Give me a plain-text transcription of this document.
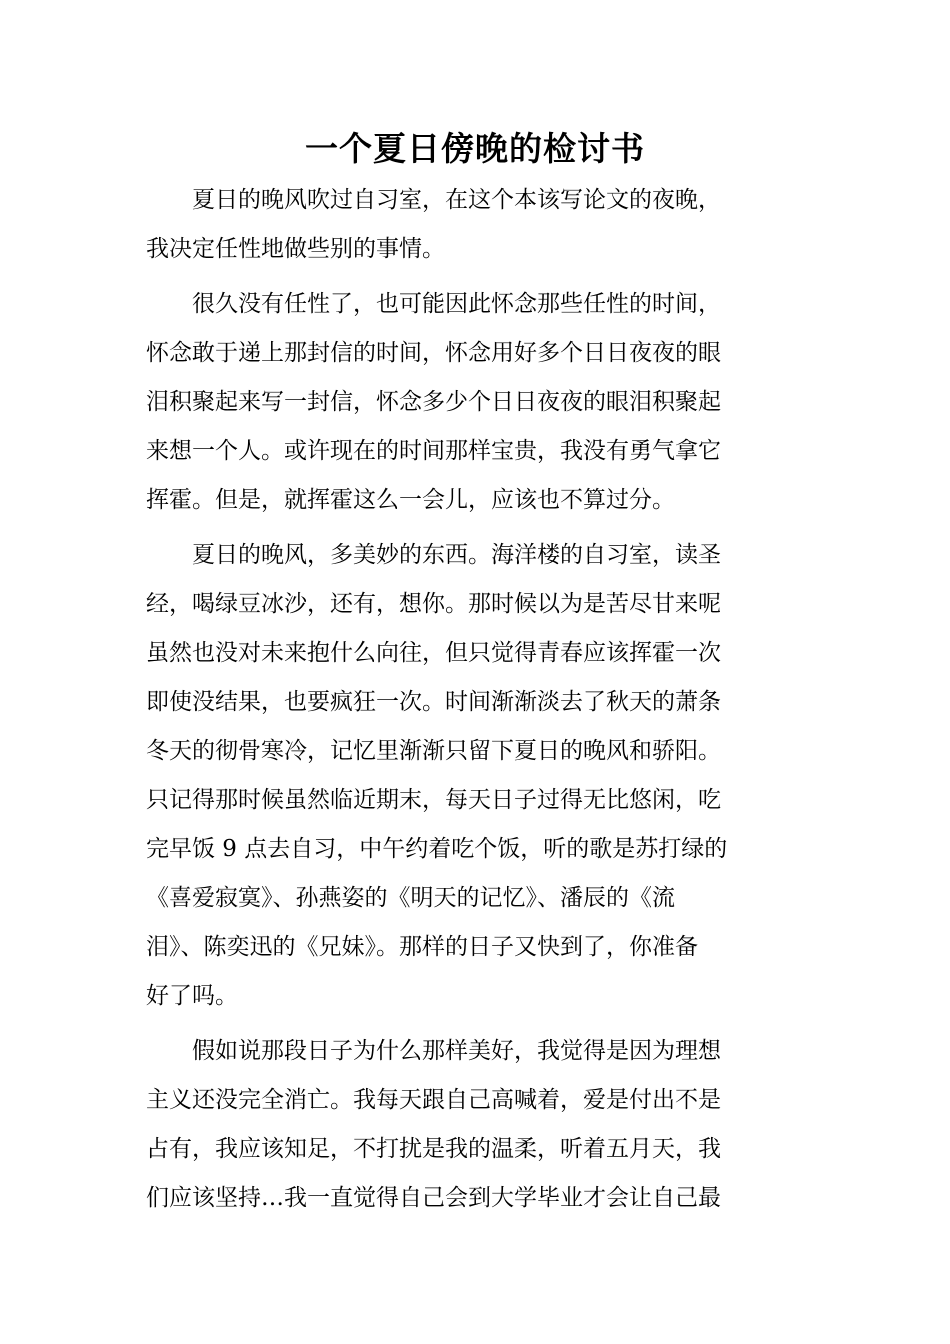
一个夏日傍晚的检讨书
　　夏日的晚风吹过自习室，在这个本该写论文的夜晚，
我决定任性地做些别的事情。
　　很久没有任性了，也可能因此怀念那些任性的时间，
怀念敢于递上那封信的时间，怀念用好多个日日夜夜的眼
泪积聚起来写一封信，怀念多少个日日夜夜的眼泪积聚起
来想一个人。或许现在的时间那样宝贵，我没有勇气拿它
挥霍。但是，就挥霍这么一会儿，应该也不算过分。
　　夏日的晚风，多美妙的东西。海洋楼的自习室，读圣
经，喝绿豆冰沙，还有，想你。那时候以为是苦尽甘来呢
虽然也没对未来抱什么向往，但只觉得青春应该挥霍一次
即使没结果，也要疯狂一次。时间渐渐淡去了秋天的萧条
冬天的彻骨寒冷，记忆里渐渐只留下夏日的晚风和骄阳。
只记得那时候虽然临近期末，每天日子过得无比悠闲，吃
完早饭 9 点去自习，中午约着吃个饭，听的歌是苏打绿的
《喜爱寂寞》、孙燕姿的《明天的记忆》、潘辰的《流
泪》、陈奕迅的《兄妹》。那样的日子又快到了，你准备
好了吗。
　　假如说那段日子为什么那样美好，我觉得是因为理想
主义还没完全消亡。我每天跟自己高喊着，爱是付出不是
占有，我应该知足，不打扰是我的温柔，听着五月天，我
们应该坚持…我一直觉得自己会到大学毕业才会让自己最
